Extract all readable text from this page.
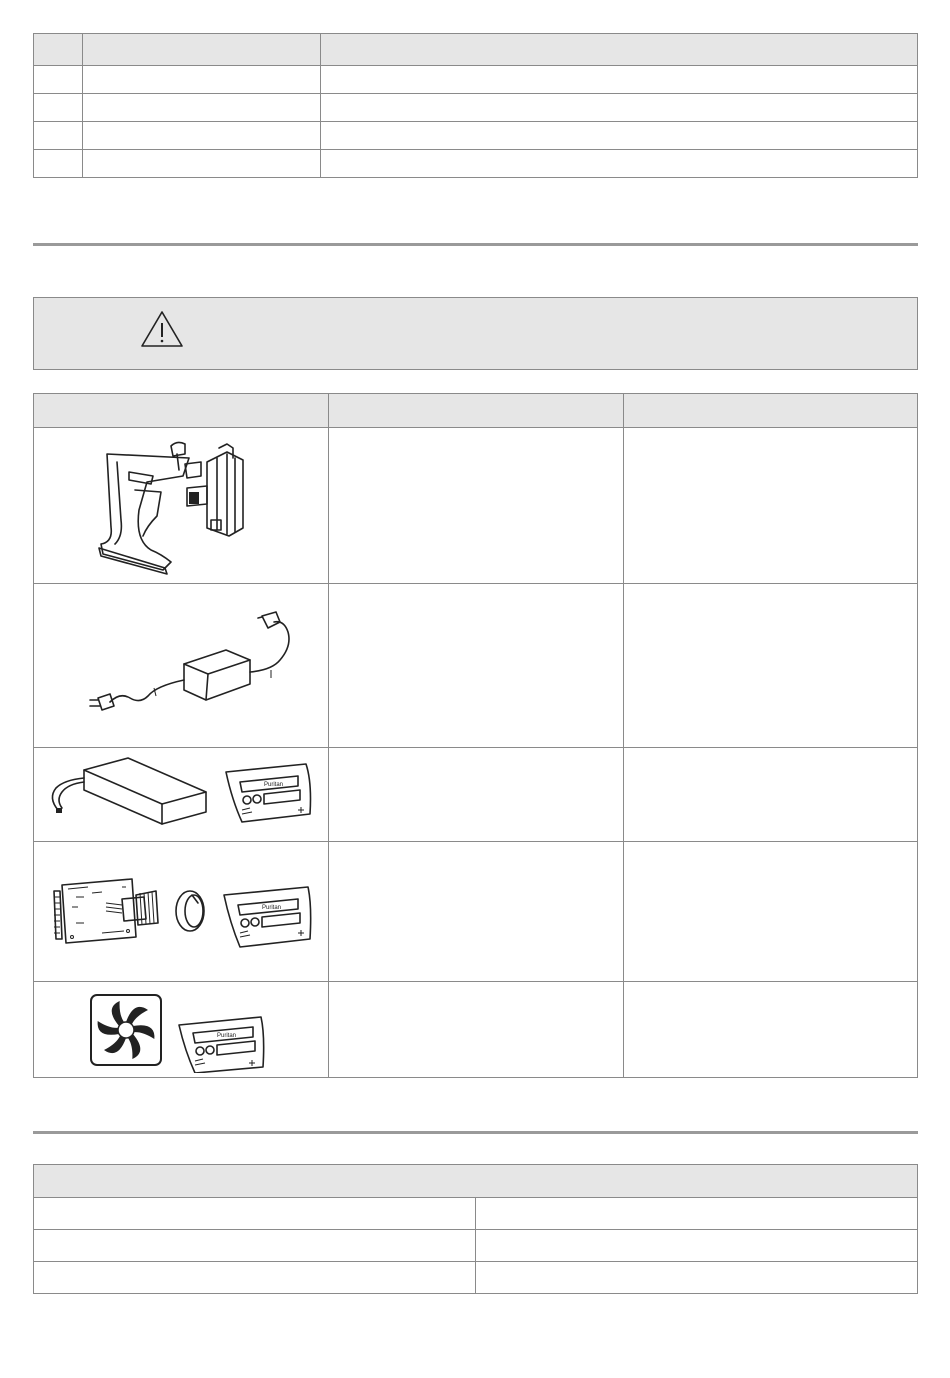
Puritan		

Puritan		

Puritan		
